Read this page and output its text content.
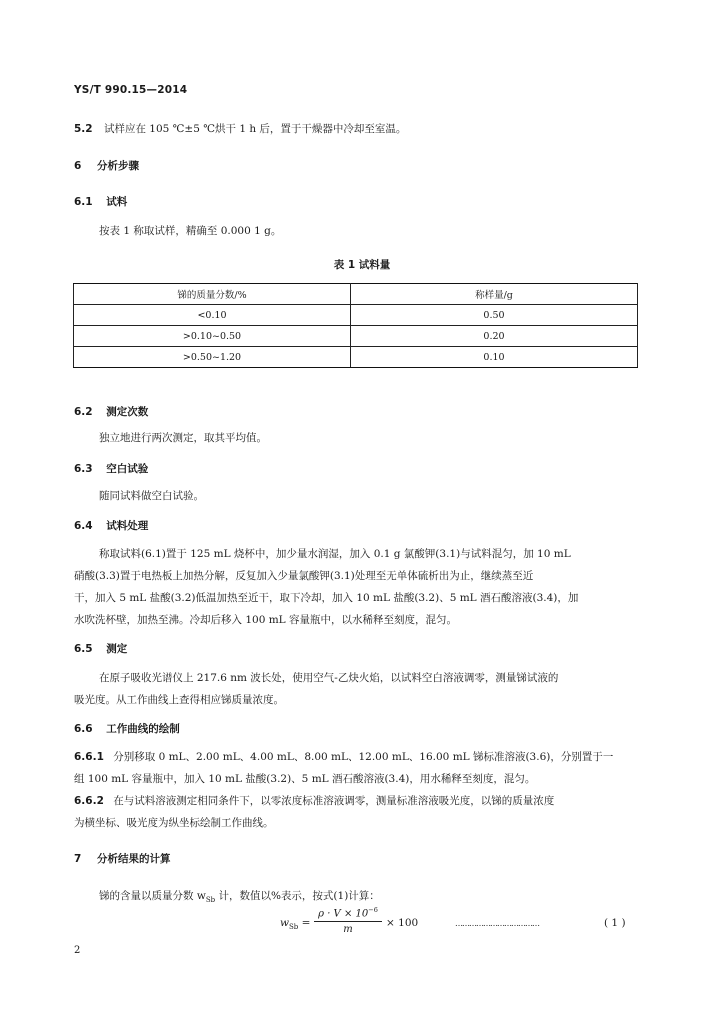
YS/T 990.15—2014
5.2 试样应在 105 ℃±5 ℃烘干 1 h 后，置于干燥器中冷却至室温。
6 分析步骤
6.1 试料
按表 1 称取试样，精确至 0.000 1 g。
表 1 试料量
锑的质量分数/%	称样量/g
<0.10	0.50
>0.10~0.50	0.20
>0.50~1.20	0.10
6.2 测定次数
独立地进行两次测定，取其平均值。
6.3 空白试验
随同试料做空白试验。
6.4 试料处理
称取试料(6.1)置于 125 mL 烧杯中，加少量水润湿，加入 0.1 g 氯酸钾(3.1)与试料混匀，加 10 mL
硝酸(3.3)置于电热板上加热分解，反复加入少量氯酸钾(3.1)处理至无单体硫析出为止，继续蒸至近
干，加入 5 mL 盐酸(3.2)低温加热至近干，取下冷却，加入 10 mL 盐酸(3.2)、5 mL 酒石酸溶液(3.4)，加
水吹洗杯壁，加热至沸。冷却后移入 100 mL 容量瓶中，以水稀释至刻度，混匀。
6.5 测定
在原子吸收光谱仪上 217.6 nm 波长处，使用空气-乙炔火焰，以试料空白溶液调零，测量锑试液的
吸光度。从工作曲线上查得相应锑质量浓度。
6.6 工作曲线的绘制
6.6.1 分别移取 0 mL、2.00 mL、4.00 mL、8.00 mL、12.00 mL、16.00 mL 锑标准溶液(3.6)，分别置于一
组 100 mL 容量瓶中，加入 10 mL 盐酸(3.2)、5 mL 酒石酸溶液(3.4)，用水稀释至刻度，混匀。
6.6.2 在与试料溶液测定相同条件下，以零浓度标准溶液调零，测量标准溶液吸光度，以锑的质量浓度
为横坐标、吸光度为纵坐标绘制工作曲线。
7 分析结果的计算
锑的含量以质量分数 $w_{Sb}$ 计，数值以%表示，按式(1)计算：
$w_{Sb}$ =
$\rho \cdot V \times 10^{-6}$
m
× 100	………………………………	( 1 )
2
